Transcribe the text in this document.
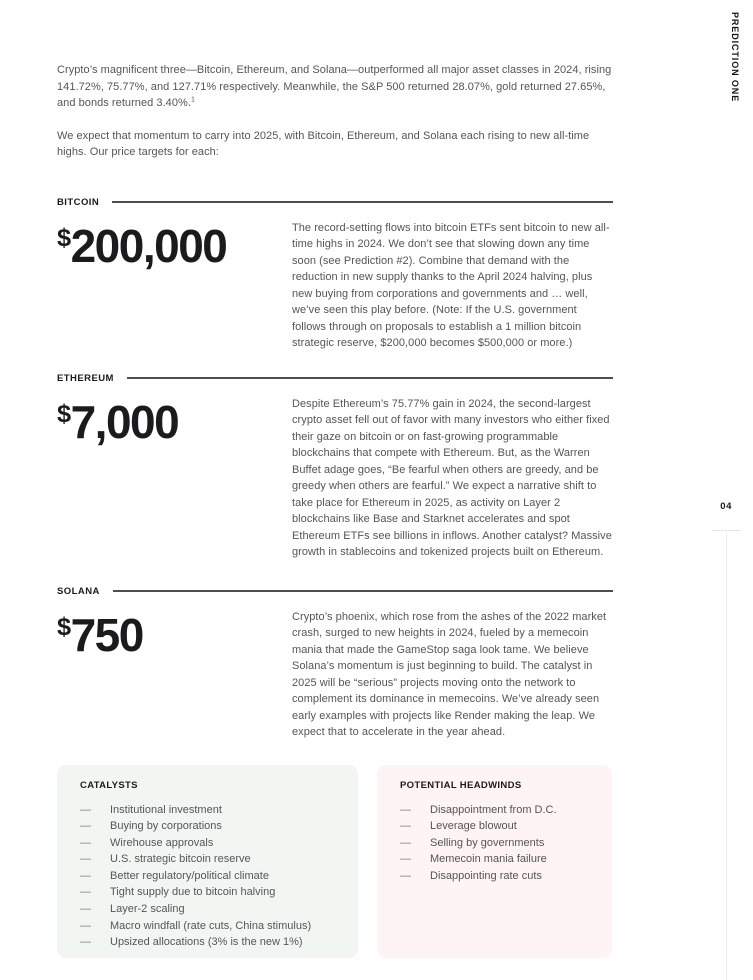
PREDICTION ONE
04

Crypto’s magnificent three—Bitcoin, Ethereum, and Solana—outperformed all major asset classes in 2024, rising 141.72%, 75.77%, and 127.71% respectively. Meanwhile, the S&P 500 returned 28.07%, gold returned 27.65%, and bonds returned 3.40%.$^1$

We expect that momentum to carry into 2025, with Bitcoin, Ethereum, and Solana each rising to new all-time highs. Our price targets for each:

BITCOIN
$200,000	The record-setting flows into bitcoin ETFs sent bitcoin to new all-time highs in 2024. We don’t see that slowing down any time soon (see Prediction #2). Combine that demand with the reduction in new supply thanks to the April 2024 halving, plus new buying from corporations and governments and … well, we’ve seen this play before. (Note: If the U.S. government follows through on proposals to establish a 1 million bitcoin strategic reserve, $200,000 becomes $500,000 or more.)

ETHEREUM
$7,000	Despite Ethereum’s 75.77% gain in 2024, the second-largest crypto asset fell out of favor with many investors who either fixed their gaze on bitcoin or on fast-growing programmable blockchains that compete with Ethereum. But, as the Warren Buffet adage goes, “Be fearful when others are greedy, and be greedy when others are fearful.” We expect a narrative shift to take place for Ethereum in 2025, as activity on Layer 2 blockchains like Base and Starknet accelerates and spot Ethereum ETFs see billions in inflows. Another catalyst? Massive growth in stablecoins and tokenized projects built on Ethereum.

SOLANA
$750	Crypto’s phoenix, which rose from the ashes of the 2022 market crash, surged to new heights in 2024, fueled by a memecoin mania that made the GameStop saga look tame. We believe Solana’s momentum is just beginning to build. The catalyst in 2025 will be “serious” projects moving onto the network to complement its dominance in memecoins. We’ve already seen early examples with projects like Render making the leap. We expect that to accelerate in the year ahead.

CATALYSTS
—	Institutional investment
—	Buying by corporations
—	Wirehouse approvals
—	U.S. strategic bitcoin reserve
—	Better regulatory/political climate
—	Tight supply due to bitcoin halving
—	Layer-2 scaling
—	Macro windfall (rate cuts, China stimulus)
—	Upsized allocations (3% is the new 1%)
POTENTIAL HEADWINDS
—	Disappointment from D.C.
—	Leverage blowout
—	Selling by governments
—	Memecoin mania failure
—	Disappointing rate cuts
